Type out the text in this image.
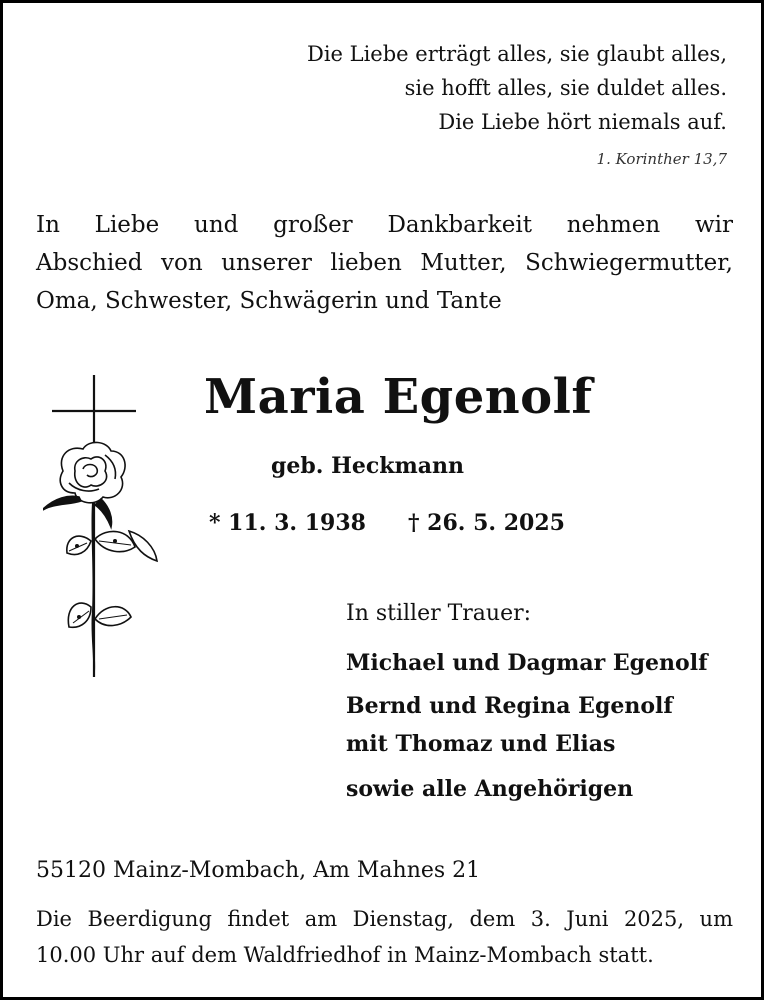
Die Liebe erträgt alles, sie glaubt alles,
sie hofft alles, sie duldet alles.
Die Liebe hört niemals auf.
1. Korinther 13,7
In Liebe und großer Dankbarkeit nehmen wir
Abschied von unserer lieben Mutter, Schwiegermutter,
Oma, Schwester, Schwägerin und Tante
Maria Egenolf
geb. Heckmann
* 11. 3. 1938 † 26. 5. 2025
In stiller Trauer:
Michael und Dagmar Egenolf
Bernd und Regina Egenolf
mit Thomaz und Elias
sowie alle Angehörigen
55120 Mainz-Mombach, Am Mahnes 21
Die Beerdigung findet am Dienstag, dem 3. Juni 2025, um
10.00 Uhr auf dem Waldfriedhof in Mainz-Mombach statt.
